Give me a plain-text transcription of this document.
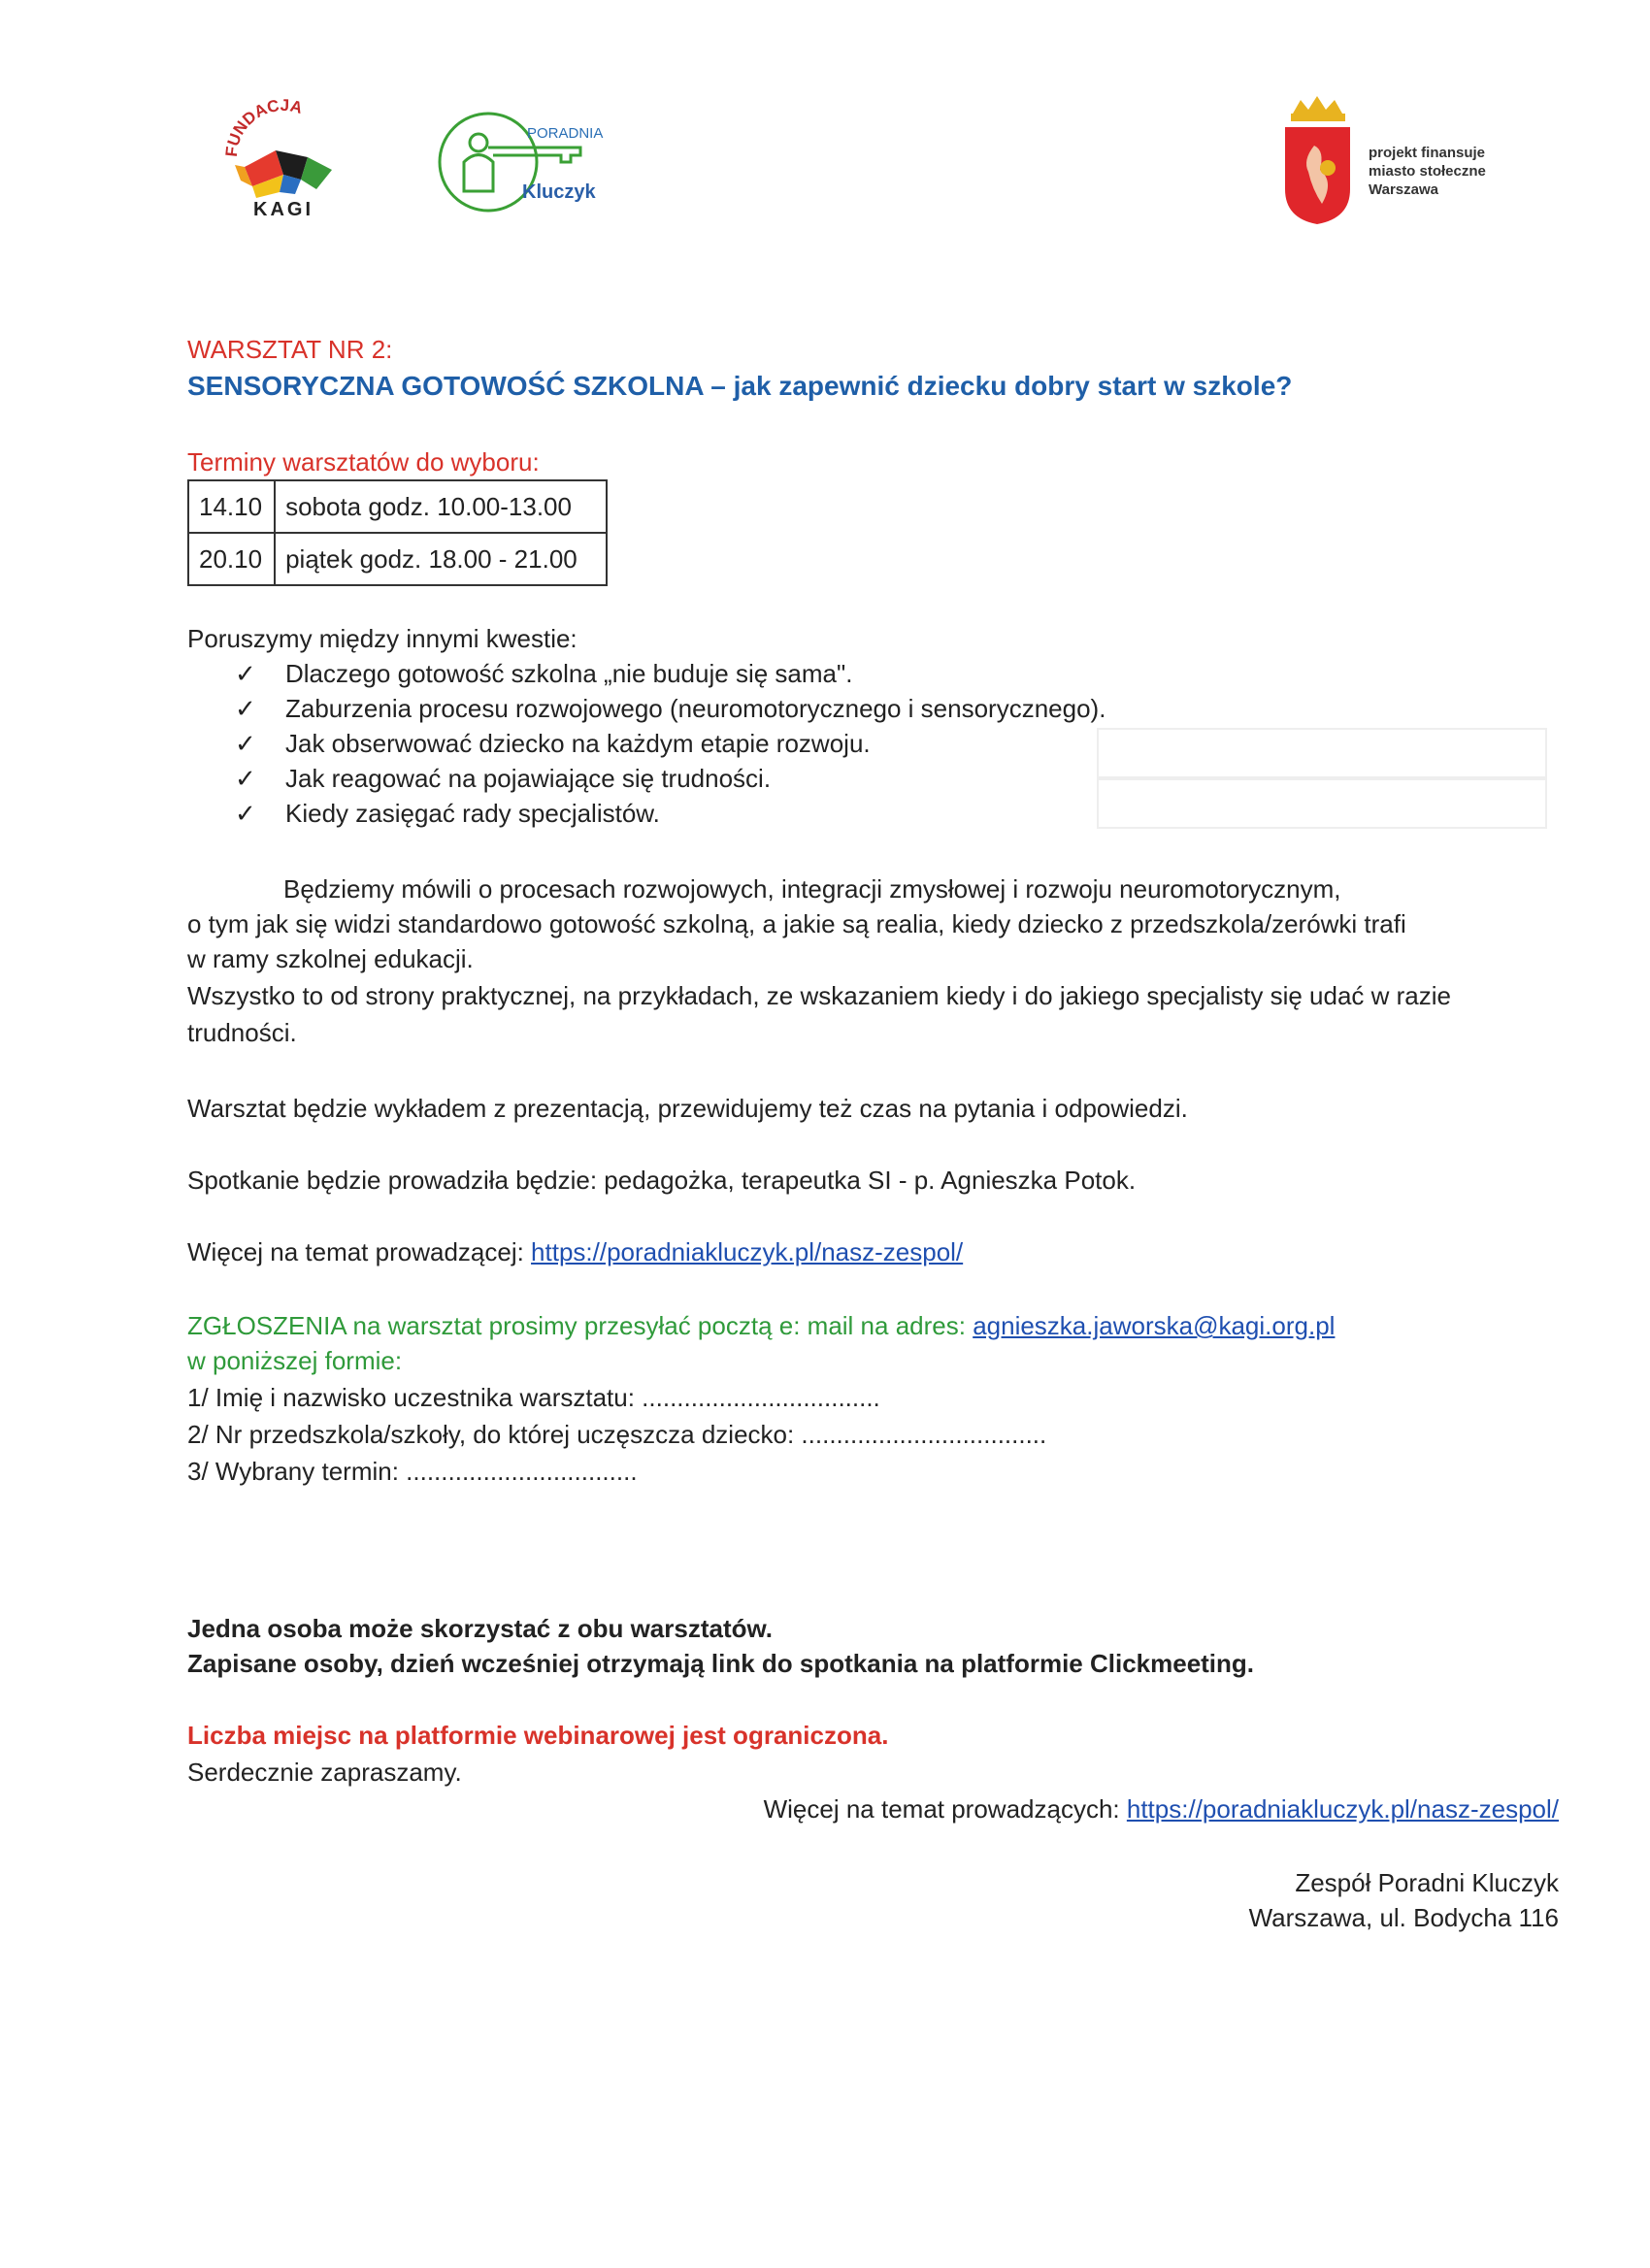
FUNDACJA
KAGI
PORADNIA
Kluczyk
projekt finansuje
miasto stołeczne
Warszawa
WARSZTAT NR 2:
SENSORYCZNA GOTOWOŚĆ SZKOLNA – jak zapewnić dziecku dobry start w szkole?
Terminy warsztatów do wyboru:
14.10	sobota godz. 10.00-13.00
20.10	piątek godz. 18.00 - 21.00
Poruszymy między innymi kwestie:
✓ Dlaczego gotowość szkolna „nie buduje się sama".
✓ Zaburzenia procesu rozwojowego (neuromotorycznego i sensorycznego).
✓ Jak obserwować dziecko na każdym etapie rozwoju.
✓ Jak reagować na pojawiające się trudności.
✓ Kiedy zasięgać rady specjalistów.
Będziemy mówili o procesach rozwojowych, integracji zmysłowej i rozwoju neuromotorycznym,
o tym jak się widzi standardowo gotowość szkolną, a jakie są realia, kiedy dziecko z przedszkola/zerówki trafi
w ramy szkolnej edukacji.
Wszystko to od strony praktycznej, na przykładach, ze wskazaniem kiedy i do jakiego specjalisty się udać w razie
trudności.
Warsztat będzie wykładem z prezentacją, przewidujemy też czas na pytania i odpowiedzi.
Spotkanie będzie prowadziła będzie: pedagożka, terapeutka SI - p. Agnieszka Potok.
Więcej na temat prowadzącej: https://poradniakluczyk.pl/nasz-zespol/
ZGŁOSZENIA na warsztat prosimy przesyłać pocztą e: mail na adres: agnieszka.jaworska@kagi.org.pl
w poniższej formie:
1/ Imię i nazwisko uczestnika warsztatu: ..................................
2/ Nr przedszkola/szkoły, do której uczęszcza dziecko: ...................................
3/ Wybrany termin: .................................
Jedna osoba może skorzystać z obu warsztatów.
Zapisane osoby, dzień wcześniej otrzymają link do spotkania na platformie Clickmeeting.
Liczba miejsc na platformie webinarowej jest ograniczona.
Serdecznie zapraszamy.
Więcej na temat prowadzących: https://poradniakluczyk.pl/nasz-zespol/
Zespół Poradni Kluczyk
Warszawa, ul. Bodycha 116
